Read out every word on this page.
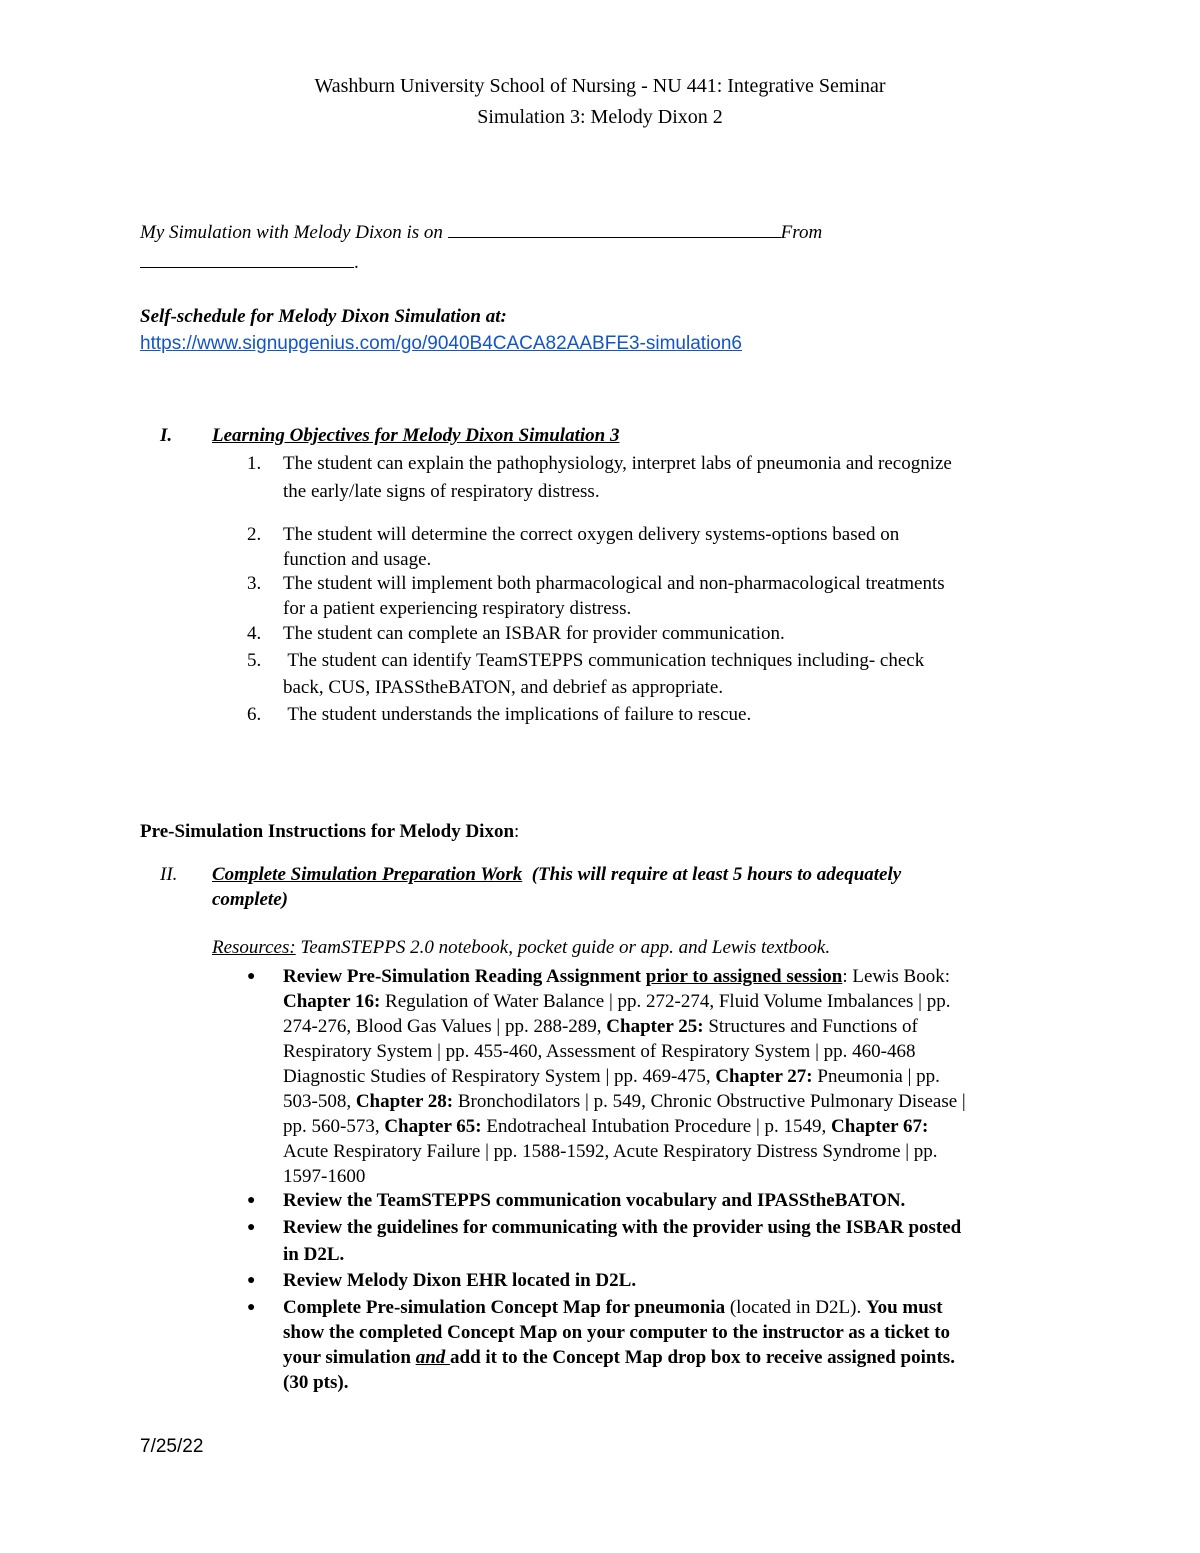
Washburn University School of Nursing - NU 441: Integrative Seminar
Simulation 3: Melody Dixon 2
My Simulation with Melody Dixon is on	From
.
Self-schedule for Melody Dixon Simulation at:
https://www.signupgenius.com/go/9040B4CACA82AABFE3-simulation6
I. Learning Objectives for Melody Dixon Simulation 3
1. The student can explain the pathophysiology, interpret labs of pneumonia and recognize
the early/late signs of respiratory distress.
2. The student will determine the correct oxygen delivery systems-options based on
function and usage.
3. The student will implement both pharmacological and non-pharmacological treatments
for a patient experiencing respiratory distress.
4. The student can complete an ISBAR for provider communication.
5. The student can identify TeamSTEPPS communication techniques including- check
back, CUS, IPASStheBATON, and debrief as appropriate.
6. The student understands the implications of failure to rescue.
Pre-Simulation Instructions for Melody Dixon:
II. Complete Simulation Preparation Work (This will require at least 5 hours to adequately
complete)
Resources: TeamSTEPPS 2.0 notebook, pocket guide or app. and Lewis textbook.
● Review Pre-Simulation Reading Assignment prior to assigned session: Lewis Book:
Chapter 16: Regulation of Water Balance | pp. 272-274, Fluid Volume Imbalances | pp.
274-276, Blood Gas Values | pp. 288-289, Chapter 25: Structures and Functions of
Respiratory System | pp. 455-460, Assessment of Respiratory System | pp. 460-468
Diagnostic Studies of Respiratory System | pp. 469-475, Chapter 27: Pneumonia | pp.
503-508, Chapter 28: Bronchodilators | p. 549, Chronic Obstructive Pulmonary Disease |
pp. 560-573, Chapter 65: Endotracheal Intubation Procedure | p. 1549, Chapter 67:
Acute Respiratory Failure | pp. 1588-1592, Acute Respiratory Distress Syndrome | pp.
1597-1600
● Review the TeamSTEPPS communication vocabulary and IPASStheBATON.
● Review the guidelines for communicating with the provider using the ISBAR posted
in D2L.
● Review Melody Dixon EHR located in D2L.
● Complete Pre-simulation Concept Map for pneumonia (located in D2L). You must
show the completed Concept Map on your computer to the instructor as a ticket to
your simulation and add it to the Concept Map drop box to receive assigned points.
(30 pts).
7/25/22
